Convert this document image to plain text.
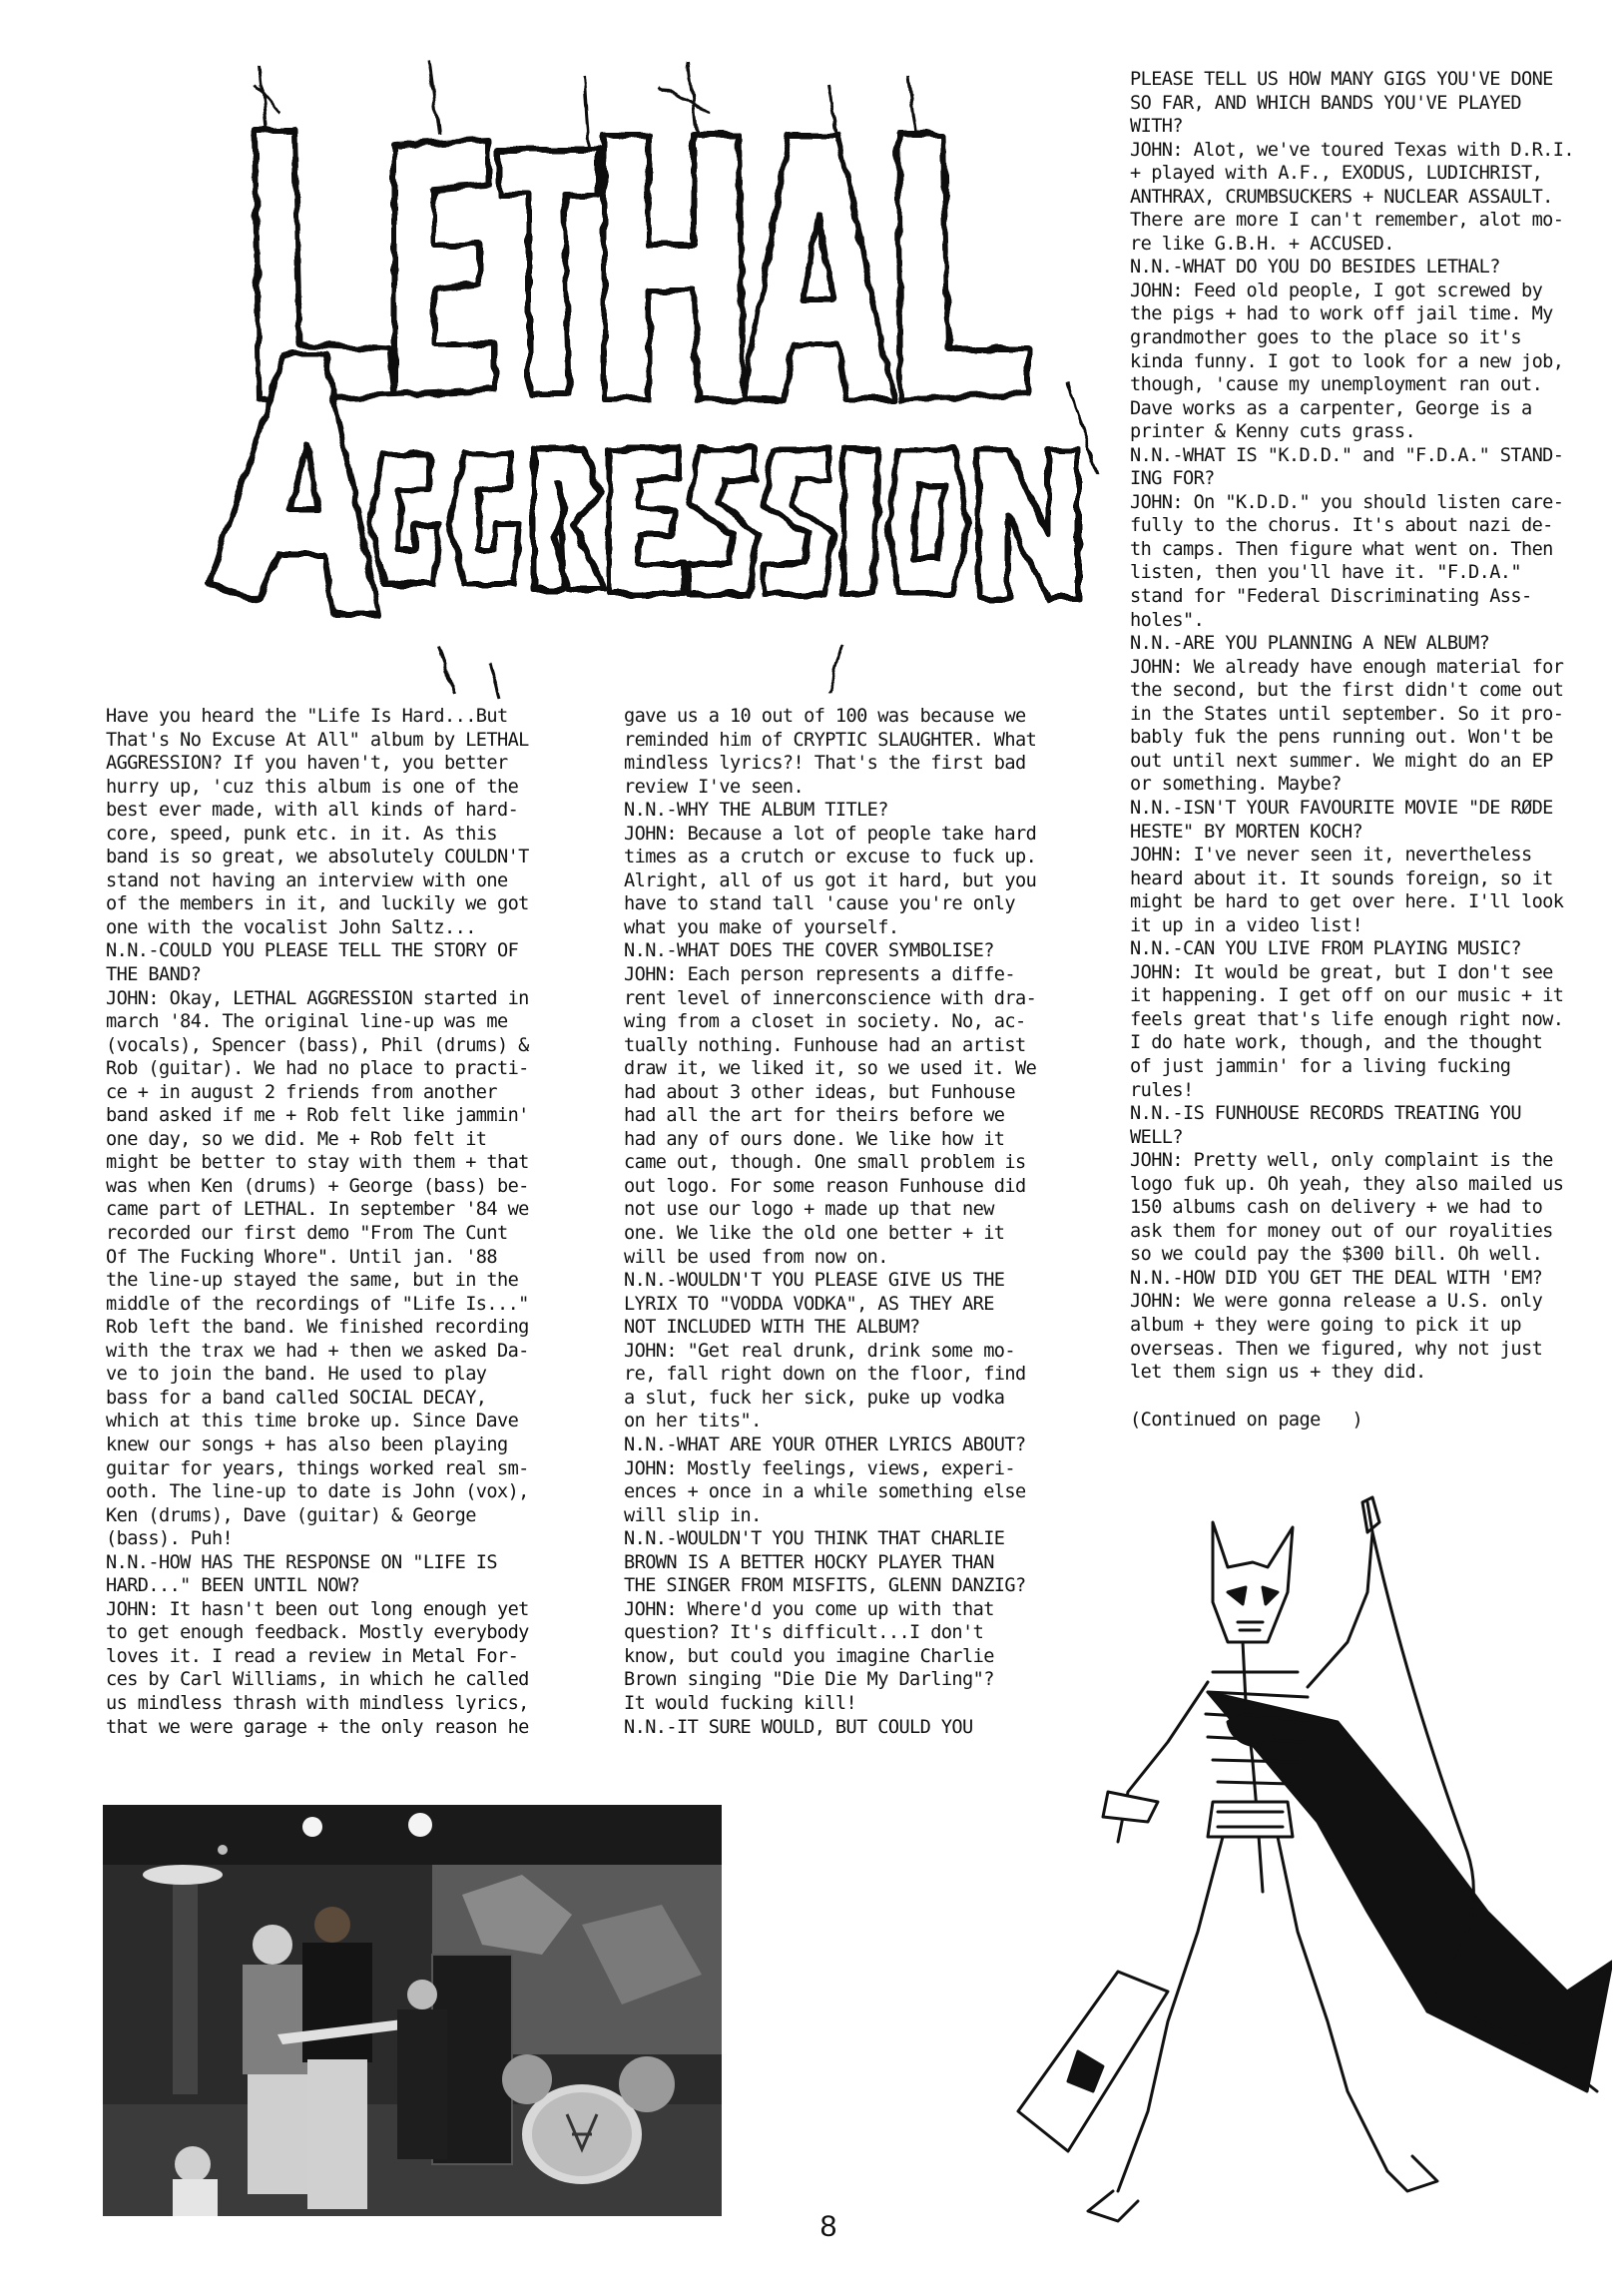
Have you heard the "Life Is Hard...But
That's No Excuse At All" album by LETHAL
AGGRESSION? If you haven't, you better
hurry up, 'cuz this album is one of the
best ever made, with all kinds of hard-
core, speed, punk etc. in it. As this
band is so great, we absolutely COULDN'T
stand not having an interview with one
of the members in it, and luckily we got
one with the vocalist John Saltz...
N.N.-COULD YOU PLEASE TELL THE STORY OF
THE BAND?
JOHN: Okay, LETHAL AGGRESSION started in
march '84. The original line-up was me
(vocals), Spencer (bass), Phil (drums) &
Rob (guitar). We had no place to practi-
ce + in august 2 friends from another
band asked if me + Rob felt like jammin'
one day, so we did. Me + Rob felt it
might be better to stay with them + that
was when Ken (drums) + George (bass) be-
came part of LETHAL. In september '84 we
recorded our first demo "From The Cunt
Of The Fucking Whore". Until jan. '88
the line-up stayed the same, but in the
middle of the recordings of "Life Is..."
Rob left the band. We finished recording
with the trax we had + then we asked Da-
ve to join the band. He used to play
bass for a band called SOCIAL DECAY,
which at this time broke up. Since Dave
knew our songs + has also been playing
guitar for years, things worked real sm-
ooth. The line-up to date is John (vox),
Ken (drums), Dave (guitar) & George
(bass). Puh!
N.N.-HOW HAS THE RESPONSE ON "LIFE IS
HARD..." BEEN UNTIL NOW?
JOHN: It hasn't been out long enough yet
to get enough feedback. Mostly everybody
loves it. I read a review in Metal For-
ces by Carl Williams, in which he called
us mindless thrash with mindless lyrics,
that we were garage + the only reason he

gave us a 10 out of 100 was because we
reminded him of CRYPTIC SLAUGHTER. What
mindless lyrics?! That's the first bad
review I've seen.
N.N.-WHY THE ALBUM TITLE?
JOHN: Because a lot of people take hard
times as a crutch or excuse to fuck up.
Alright, all of us got it hard, but you
have to stand tall 'cause you're only
what you make of yourself.
N.N.-WHAT DOES THE COVER SYMBOLISE?
JOHN: Each person represents a diffe-
rent level of innerconscience with dra-
wing from a closet in society. No, ac-
tually nothing. Funhouse had an artist
draw it, we liked it, so we used it. We
had about 3 other ideas, but Funhouse
had all the art for theirs before we
had any of ours done. We like how it
came out, though. One small problem is
out logo. For some reason Funhouse did
not use our logo + made up that new
one. We like the old one better + it
will be used from now on.
N.N.-WOULDN'T YOU PLEASE GIVE US THE
LYRIX TO "VODDA VODKA", AS THEY ARE
NOT INCLUDED WITH THE ALBUM?
JOHN: "Get real drunk, drink some mo-
re, fall right down on the floor, find
a slut, fuck her sick, puke up vodka
on her tits".
N.N.-WHAT ARE YOUR OTHER LYRICS ABOUT?
JOHN: Mostly feelings, views, experi-
ences + once in a while something else
will slip in.
N.N.-WOULDN'T YOU THINK THAT CHARLIE
BROWN IS A BETTER HOCKY PLAYER THAN
THE SINGER FROM MISFITS, GLENN DANZIG?
JOHN: Where'd you come up with that
question? It's difficult...I don't
know, but could you imagine Charlie
Brown singing "Die Die My Darling"?
It would fucking kill!
N.N.-IT SURE WOULD, BUT COULD YOU

PLEASE TELL US HOW MANY GIGS YOU'VE DONE
SO FAR, AND WHICH BANDS YOU'VE PLAYED
WITH?
JOHN: Alot, we've toured Texas with D.R.I.
+ played with A.F., EXODUS, LUDICHRIST,
ANTHRAX, CRUMBSUCKERS + NUCLEAR ASSAULT.
There are more I can't remember, alot mo-
re like G.B.H. + ACCUSED.
N.N.-WHAT DO YOU DO BESIDES LETHAL?
JOHN: Feed old people, I got screwed by
the pigs + had to work off jail time. My
grandmother goes to the place so it's
kinda funny. I got to look for a new job,
though, 'cause my unemployment ran out.
Dave works as a carpenter, George is a
printer & Kenny cuts grass.
N.N.-WHAT IS "K.D.D." and "F.D.A." STAND-
ING FOR?
JOHN: On "K.D.D." you should listen care-
fully to the chorus. It's about nazi de-
th camps. Then figure what went on. Then
listen, then you'll have it. "F.D.A."
stand for "Federal Discriminating Ass-
holes".
N.N.-ARE YOU PLANNING A NEW ALBUM?
JOHN: We already have enough material for
the second, but the first didn't come out
in the States until september. So it pro-
bably fuk the pens running out. Won't be
out until next summer. We might do an EP
or something. Maybe?
N.N.-ISN'T YOUR FAVOURITE MOVIE "DE RØDE
HESTE" BY MORTEN KOCH?
JOHN: I've never seen it, nevertheless
heard about it. It sounds foreign, so it
might be hard to get over here. I'll look
it up in a video list!
N.N.-CAN YOU LIVE FROM PLAYING MUSIC?
JOHN: It would be great, but I don't see
it happening. I get off on our music + it
feels great that's life enough right now.
I do hate work, though, and the thought
of just jammin' for a living fucking
rules!
N.N.-IS FUNHOUSE RECORDS TREATING YOU
WELL?
JOHN: Pretty well, only complaint is the
logo fuk up. Oh yeah, they also mailed us
150 albums cash on delivery + we had to
ask them for money out of our royalities
so we could pay the $300 bill. Oh well.
N.N.-HOW DID YOU GET THE DEAL WITH 'EM?
JOHN: We were gonna release a U.S. only
album + they were going to pick it up
overseas. Then we figured, why not just
let them sign us + they did.
(Continued on page   )
8
